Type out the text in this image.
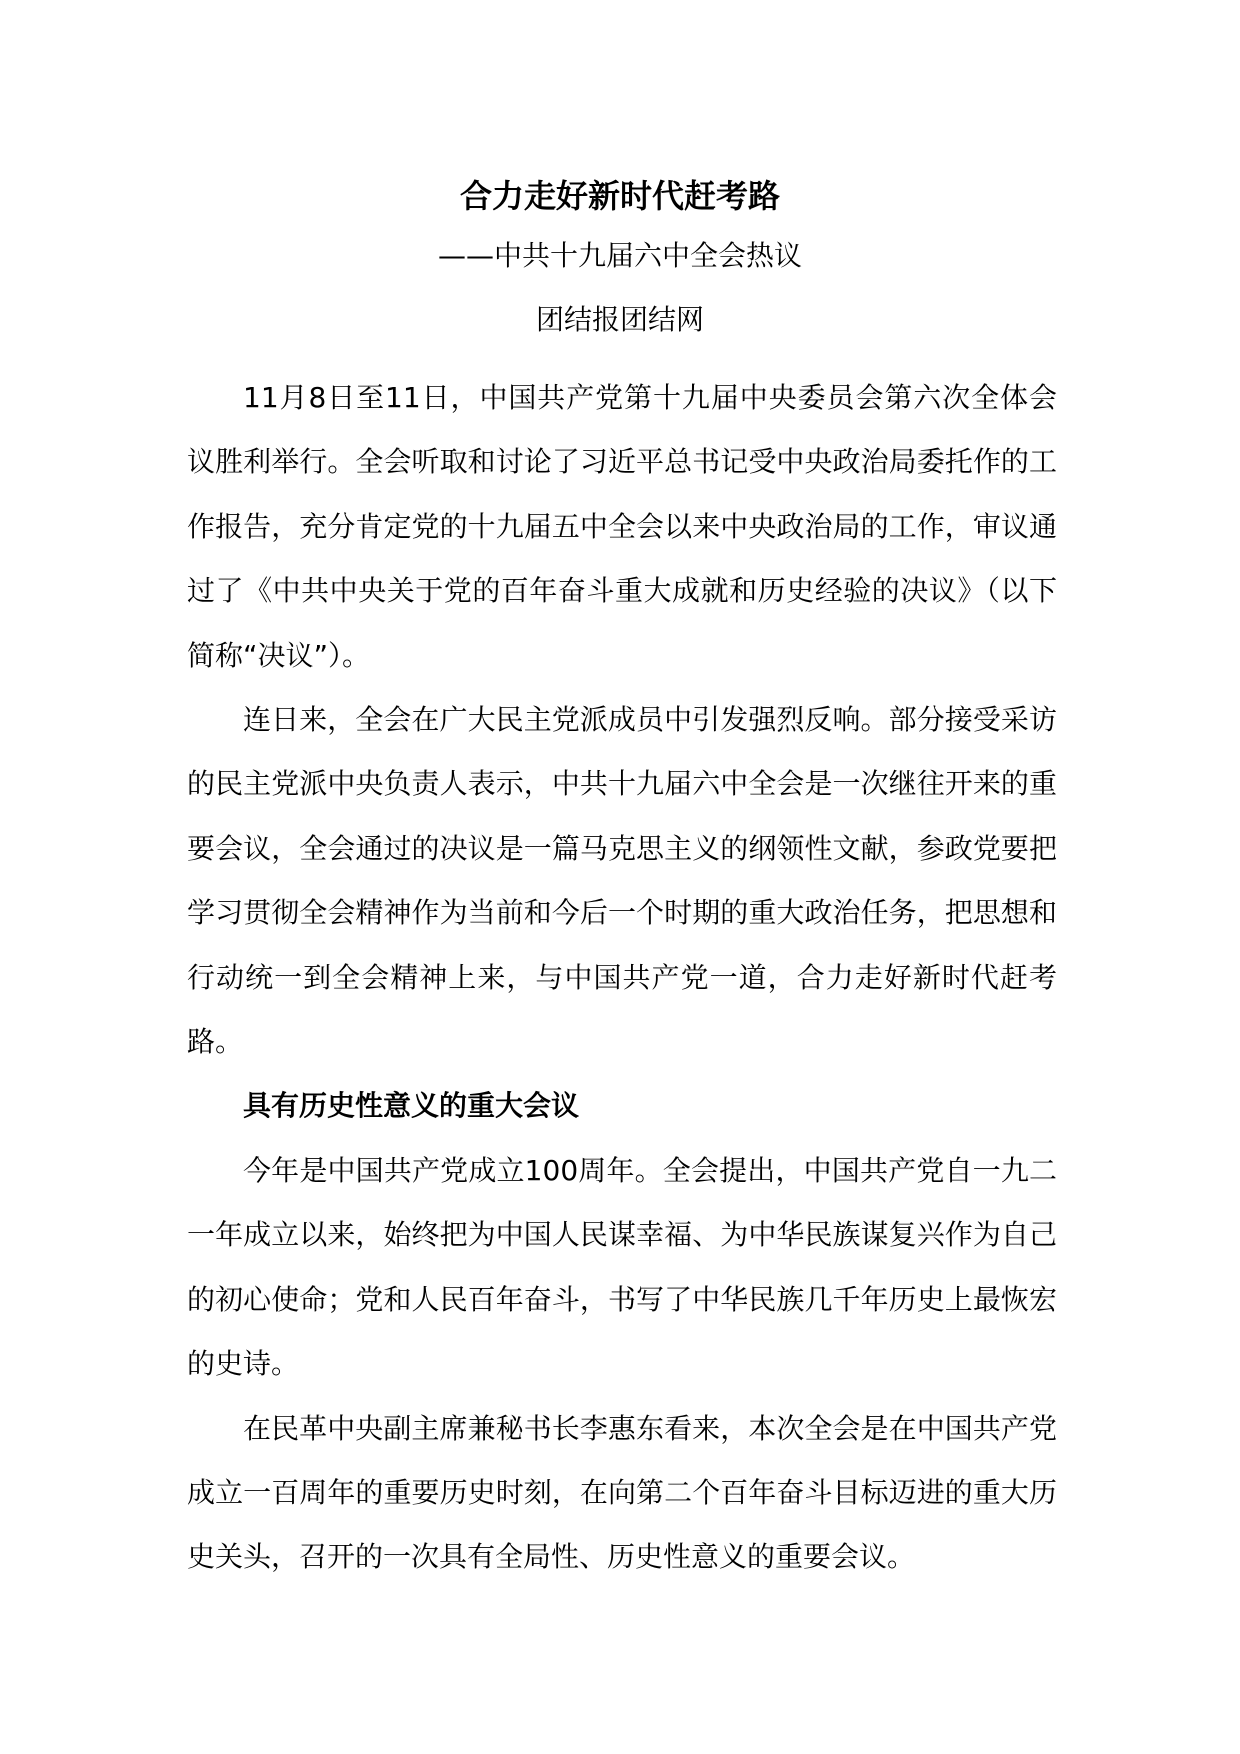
合力走好新时代赶考路
——中共十九届六中全会热议
团结报团结网

11月8日至11日，中国共产党第十九届中央委员会第六次全体会议胜利举行。全会听取和讨论了习近平总书记受中央政治局委托作的工作报告，充分肯定党的十九届五中全会以来中央政治局的工作，审议通过了《中共中央关于党的百年奋斗重大成就和历史经验的决议》（以下简称“决议”）。

连日来，全会在广大民主党派成员中引发强烈反响。部分接受采访的民主党派中央负责人表示，中共十九届六中全会是一次继往开来的重要会议，全会通过的决议是一篇马克思主义的纲领性文献，参政党要把学习贯彻全会精神作为当前和今后一个时期的重大政治任务，把思想和行动统一到全会精神上来，与中国共产党一道，合力走好新时代赶考路。

具有历史性意义的重大会议

今年是中国共产党成立100周年。全会提出，中国共产党自一九二一年成立以来，始终把为中国人民谋幸福、为中华民族谋复兴作为自己的初心使命；党和人民百年奋斗，书写了中华民族几千年历史上最恢宏的史诗。

在民革中央副主席兼秘书长李惠东看来，本次全会是在中国共产党成立一百周年的重要历史时刻，在向第二个百年奋斗目标迈进的重大历史关头，召开的一次具有全局性、历史性意义的重要会议。
